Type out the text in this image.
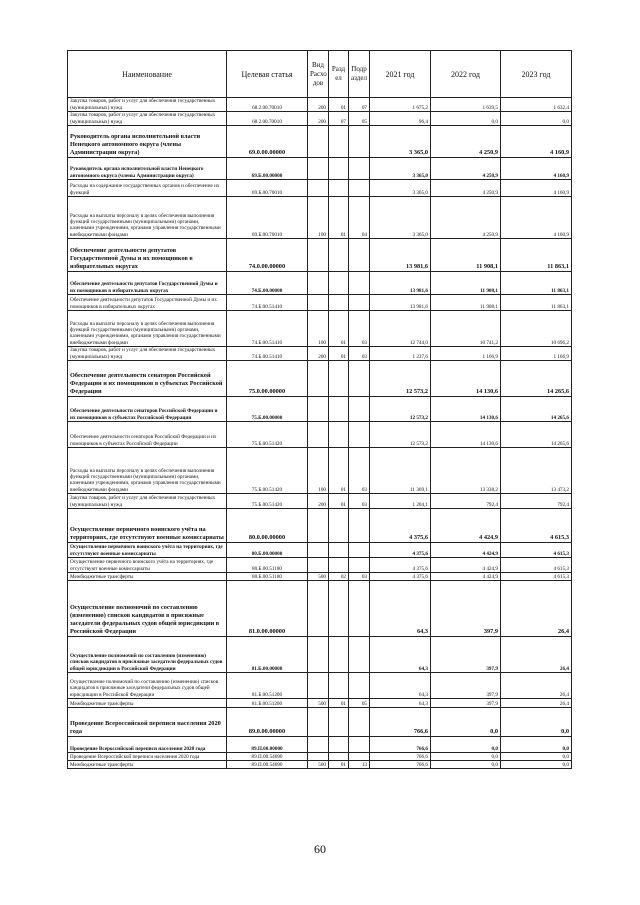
Наименование	Целевая статья	Вид Расхо дов	Разд ел	Подр аздел	2021 год	2022 год	2023 год
Закупка товаров, работ и услуг для обеспечения государственных (муниципальных) нужд	68.2.00.70010	200	01	07	1 675,2	1 639,5	1 632,4
Закупка товаров, работ и услуг для обеспечения государственных (муниципальных) нужд	68.2.00.70010	200	07	05	96,4	0,0	0,0
Руководитель органа исполнительной власти Ненецкого автономного округа (члены Администрации округа)	69.0.00.00000				3 365,0	4 250,9	4 160,9
Руководитель органа исполнительной власти Ненецкого автономного округа (члены Администрации округа)	69.Б.00.00000				3 365,0	4 250,9	4 160,9
Расходы на содержание государственных органов и обеспечение их функций	69.Б.00.70010				3 365,0	4 250,9	4 160,9
Расходы на выплаты персоналу в целях обеспечения выполнения функций государственными (муниципальными) органами, казенными учреждениями, органами управления государственными внебюджетными фондами	69.Б.00.70010	100	01	04	3 365,0	4 250,9	4 160,9
Обеспечение деятельности депутатов Государственной Думы и их помощников в избирательных округах	74.0.00.00000				13 981,6	11 908,1	11 863,1
Обеспечение деятельности депутатов Государственной Думы и их помощников в избирательных округах	74.Б.00.00000				13 981,6	11 908,1	11 863,1
Обеспечение деятельности депутатов Государственной Думы и их помощников в избирательных округах	74.Б.00.51410				13 981,6	11 908,1	11 863,1
Расходы на выплаты персоналу в целях обеспечения выполнения функций государственными (муниципальными) органами, казенными учреждениями, органами управления государственными внебюджетными фондами	74.Б.00.51410	100	01	03	12 744,0	10 741,2	10 696,2
Закупка товаров, работ и услуг для обеспечения государственных (муниципальных) нужд	74.Б.00.51410	200	01	03	1 237,6	1 166,9	1 166,9
Обеспечение деятельности сенаторов Российской Федерации и их помощников в субъектах Российской Федерации	75.0.00.00000				12 573,2	14 130,6	14 265,6
Обеспечение деятельности сенаторов Российской Федерации и их помощников в субъектах Российской Федерации	75.Б.00.00000				12 573,2	14 130,6	14 265,6
Обеспечение деятельности сенаторов Российской Федерации и их помощников в субъектах Российской Федерации	75.Б.00.51420				12 573,2	14 130,6	14 265,6
Расходы на выплаты персоналу в целях обеспечения выполнения функций государственными (муниципальными) органами, казенными учреждениями, органами управления государственными внебюджетными фондами	75.Б.00.51420	100	01	03	11 369,1	13 338,2	13 473,2
Закупка товаров, работ и услуг для обеспечения государственных (муниципальных) нужд	75.Б.00.51420	200	01	03	1 204,1	792,4	792,4
Осуществление первичного воинского учёта на территориях, где отсутствуют военные комиссариаты	80.0.00.00000				4 375,6	4 424,9	4 615,3
Осуществление первичного воинского учёта на территориях, где отсутствуют военные комиссариаты	80.Б.00.00000				4 375,6	4 424,9	4 615,3
Осуществление первичного воинского учёта на территориях, где отсутствуют военные комиссариаты	80.Б.00.51180				4 375,6	4 424,9	4 615,3
Межбюджетные трансферты	80.Б.00.51180	500	02	03	4 375,6	4 424,9	4 615,3
Осуществление полномочий по составлению (изменению) списков кандидатов в присяжные заседатели федеральных судов общей юрисдикции в Российской Федерации	81.0.00.00000				64,3	397,9	26,4
Осуществление полномочий по составлению (изменению) списков кандидатов в присяжные заседатели федеральных судов общей юрисдикции в Российской Федерации	81.Б.00.00000				64,3	397,9	26,4
Осуществление полномочий по составлению (изменению) списков кандидатов в присяжные заседатели федеральных судов общей юрисдикции в Российской Федерации	81.Б.00.51200				64,3	397,9	26,4
Межбюджетные трансферты	81.Б.00.51200	500	01	05	64,3	397,9	26,4
Проведение Всероссийской переписи населения 2020 года	89.0.00.00000				766,6	0,0	0,0
Проведение Всероссийской переписи населения 2020 года	89.П.00.00000				766,6	0,0	0,0
Проведение Всероссийской переписи населения 2020 года	89.П.00.54690				766,6	0,0	0,0
Межбюджетные трансферты	89.П.00.54690	500	01	13	766,6	0,0	0,0
60
